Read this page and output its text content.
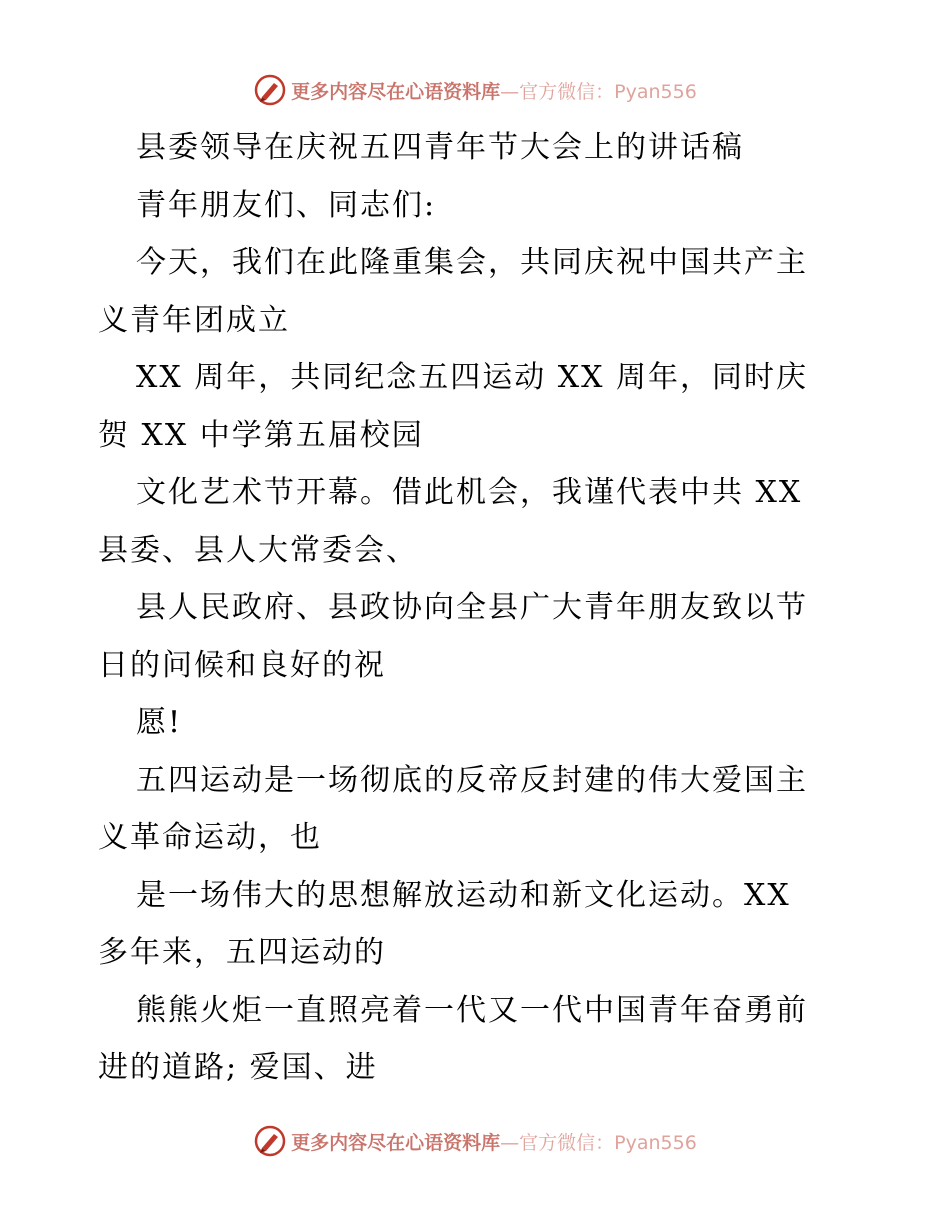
更多内容尽在心语资料库—官方微信：Pyan556
县委领导在庆祝五四青年节大会上的讲话稿
青年朋友们、同志们:
今天，我们在此隆重集会，共同庆祝中国共产主
义青年团成立
XX 周年，共同纪念五四运动 XX 周年，同时庆
贺 XX 中学第五届校园
文化艺术节开幕。借此机会，我谨代表中共 XX
县委、县人大常委会、
县人民政府、县政协向全县广大青年朋友致以节
日的问候和良好的祝
愿!
五四运动是一场彻底的反帝反封建的伟大爱国主
义革命运动，也
是一场伟大的思想解放运动和新文化运动。XX
多年来，五四运动的
熊熊火炬一直照亮着一代又一代中国青年奋勇前
进的道路; 爱国、进
更多内容尽在心语资料库—官方微信：Pyan556
